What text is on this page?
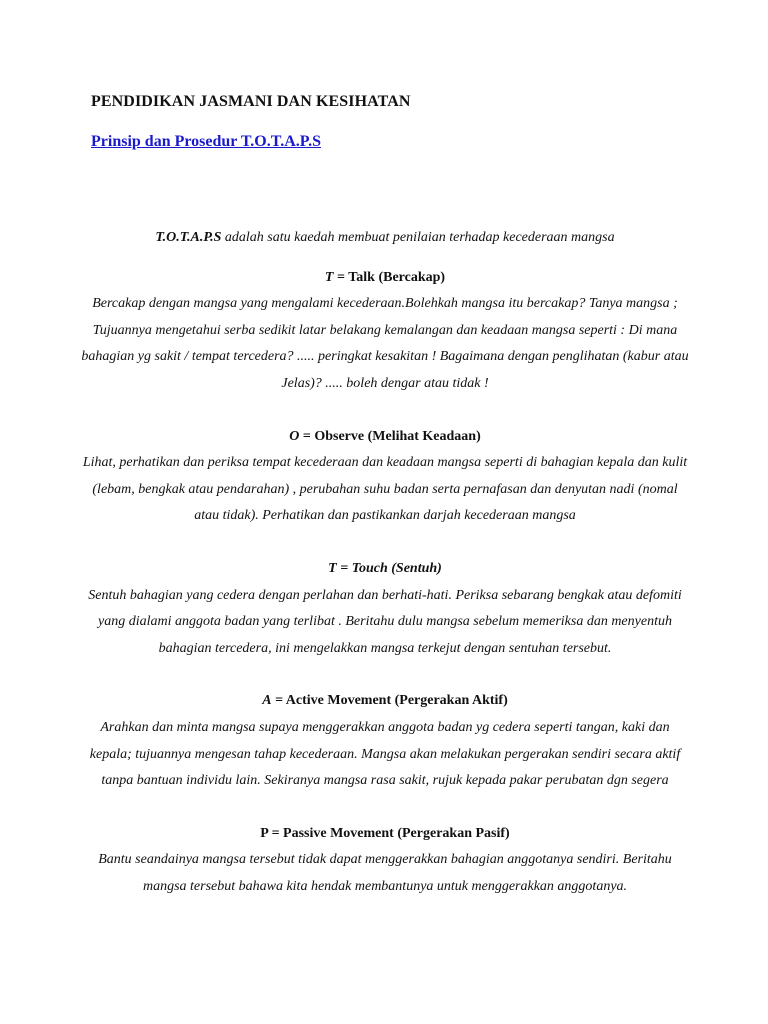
PENDIDIKAN JASMANI DAN KESIHATAN
Prinsip dan Prosedur T.O.T.A.P.S

T.O.T.A.P.S adalah satu kaedah membuat penilaian terhadap kecederaan mangsa

T = Talk (Bercakap)

Bercakap dengan mangsa yang mengalami kecederaan.Bolehkah mangsa itu bercakap? Tanya mangsa ; Tujuannya mengetahui serba sedikit latar belakang kemalangan dan keadaan mangsa seperti : Di mana bahagian yg sakit / tempat tercedera? ..... peringkat kesakitan ! Bagaimana dengan penglihatan (kabur atau Jelas)? ..... boleh dengar atau tidak !

O = Observe (Melihat Keadaan)

Lihat, perhatikan dan periksa tempat kecederaan dan keadaan mangsa seperti di bahagian kepala dan kulit (lebam, bengkak atau pendarahan) , perubahan suhu badan serta pernafasan dan denyutan nadi (nomal atau tidak). Perhatikan dan pastikankan darjah kecederaan mangsa

T = Touch (Sentuh)

Sentuh bahagian yang cedera dengan perlahan dan berhati-hati. Periksa sebarang bengkak atau defomiti yang dialami anggota badan yang terlibat . Beritahu dulu mangsa sebelum memeriksa dan menyentuh bahagian tercedera, ini mengelakkan mangsa terkejut dengan sentuhan tersebut.

A = Active Movement (Pergerakan Aktif)

Arahkan dan minta mangsa supaya menggerakkan anggota badan yg cedera seperti tangan, kaki dan kepala; tujuannya mengesan tahap kecederaan. Mangsa akan melakukan pergerakan sendiri secara aktif tanpa bantuan individu lain. Sekiranya mangsa rasa sakit, rujuk kepada pakar perubatan dgn segera

P = Passive Movement (Pergerakan Pasif)

Bantu seandainya mangsa tersebut tidak dapat menggerakkan bahagian anggotanya sendiri. Beritahu mangsa tersebut bahawa kita hendak membantunya untuk menggerakkan anggotanya.
